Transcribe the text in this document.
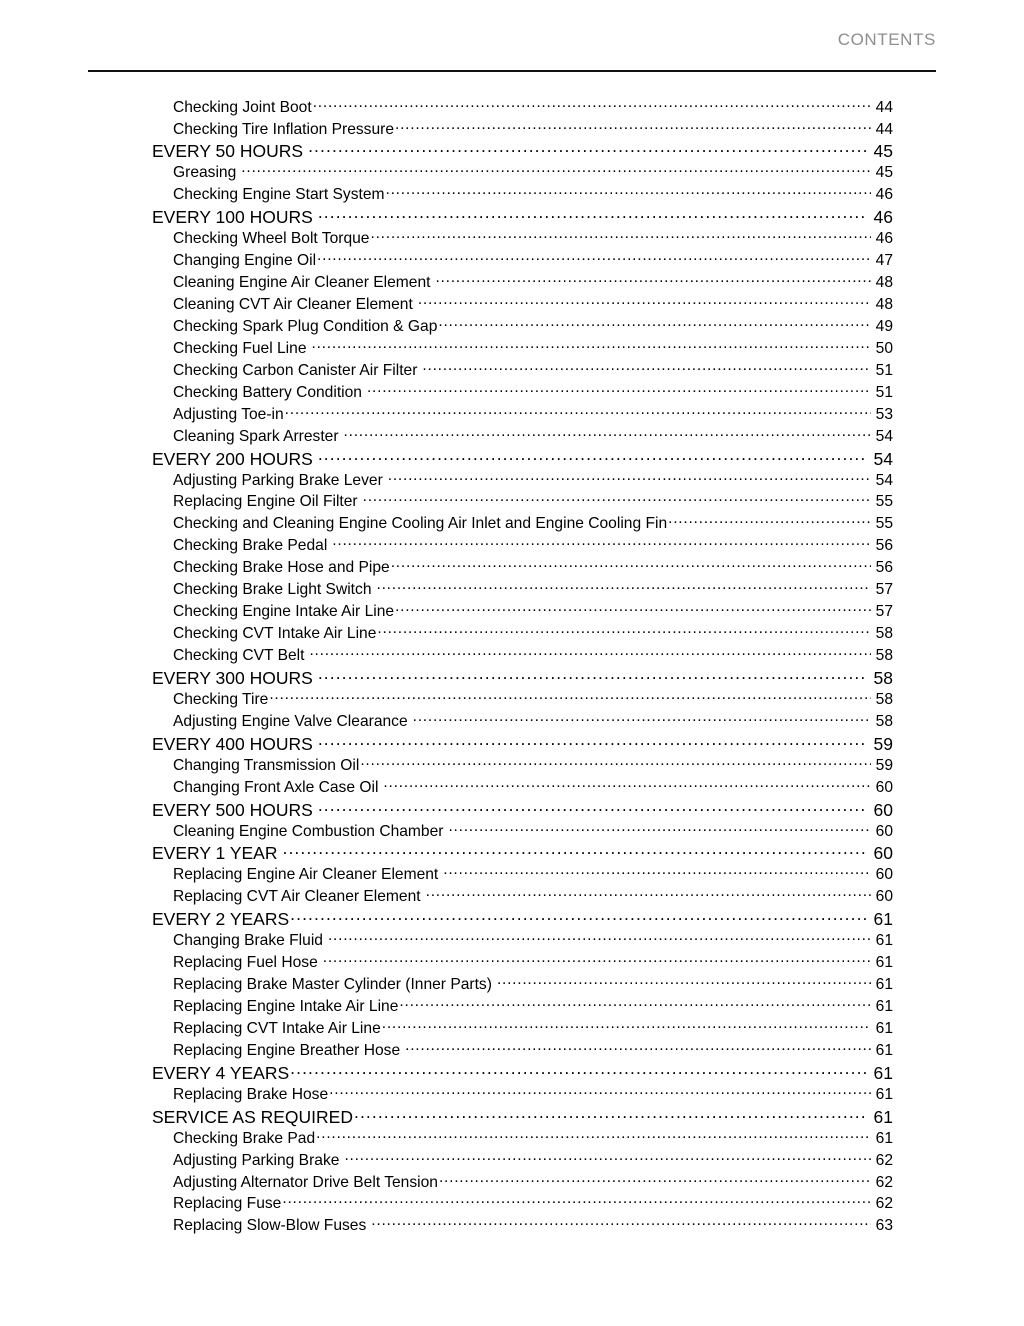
CONTENTS
Checking Joint Boot .....	44
Checking Tire Inflation Pressure .....	44
EVERY 50 HOURS .....	45
Greasing .....	45
Checking Engine Start System .....	46
EVERY 100 HOURS .....	46
Checking Wheel Bolt Torque .....	46
Changing Engine Oil .....	47
Cleaning Engine Air Cleaner Element .....	48
Cleaning CVT Air Cleaner Element .....	48
Checking Spark Plug Condition & Gap .....	49
Checking Fuel Line .....	50
Checking Carbon Canister Air Filter .....	51
Checking Battery Condition .....	51
Adjusting Toe-in .....	53
Cleaning Spark Arrester .....	54
EVERY 200 HOURS .....	54
Adjusting Parking Brake Lever .....	54
Replacing Engine Oil Filter .....	55
Checking and Cleaning Engine Cooling Air Inlet and Engine Cooling Fin .....	55
Checking Brake Pedal .....	56
Checking Brake Hose and Pipe .....	56
Checking Brake Light Switch .....	57
Checking Engine Intake Air Line .....	57
Checking CVT Intake Air Line .....	58
Checking CVT Belt .....	58
EVERY 300 HOURS .....	58
Checking Tire .....	58
Adjusting Engine Valve Clearance .....	58
EVERY 400 HOURS .....	59
Changing Transmission Oil .....	59
Changing Front Axle Case Oil .....	60
EVERY 500 HOURS .....	60
Cleaning Engine Combustion Chamber .....	60
EVERY 1 YEAR .....	60
Replacing Engine Air Cleaner Element .....	60
Replacing CVT Air Cleaner Element .....	60
EVERY 2 YEARS .....	61
Changing Brake Fluid .....	61
Replacing Fuel Hose .....	61
Replacing Brake Master Cylinder (Inner Parts) .....	61
Replacing Engine Intake Air Line .....	61
Replacing CVT Intake Air Line .....	61
Replacing Engine Breather Hose .....	61
EVERY 4 YEARS .....	61
Replacing Brake Hose .....	61
SERVICE AS REQUIRED .....	61
Checking Brake Pad .....	61
Adjusting Parking Brake .....	62
Adjusting Alternator Drive Belt Tension .....	62
Replacing Fuse .....	62
Replacing Slow-Blow Fuses .....	63
